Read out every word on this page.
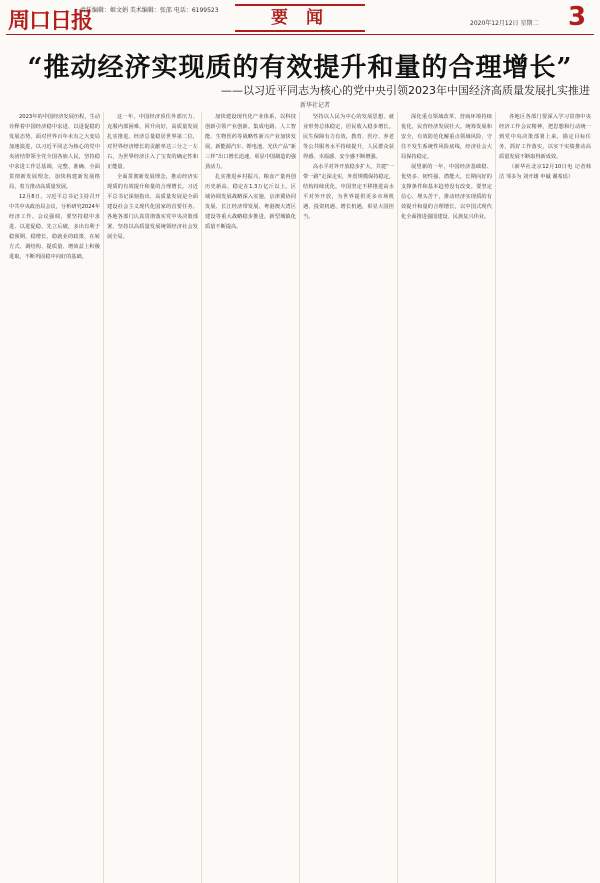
周口日报
责任编辑：姬文娟 美术编辑：张邵 电话：6199523	要 闻	2020年12月12日 星期二 3
“推动经济实现质的有效提升和量的合理增长”
——以习近平同志为核心的党中央引领2023年中国经济高质量发展扎实推进
新华社记者

2023年的中国经济发展历程，生动诠释着中国经济稳中求进、以进促稳的发展态势。面对世界百年未有之大变局加速演进，以习近平同志为核心的党中央团结带领全党全国各族人民，坚持稳中求进工作总基调，完整、准确、全面贯彻新发展理念，加快构建新发展格局，着力推动高质量发展。

12月8日，习近平总书记主持召开中共中央政治局会议，分析研究2024年经济工作。会议强调，要坚持稳中求进、以进促稳、先立后破，多出有利于稳预期、稳增长、稳就业的政策，在转方式、调结构、提质量、增效益上积极进取，不断巩固稳中向好的基础。

这一年，中国经济顶住外部压力、克服内部困难，回升向好，高质量发展扎实推进。经济总量稳居世界第二位，对世界经济增长的贡献率达三分之一左右，为世界经济注入了宝贵的确定性和正能量。

全面贯彻新发展理念，推动经济实现质的有效提升和量的合理增长。习近平总书记深刻指出，高质量发展是全面建设社会主义现代化国家的首要任务。各地各部门认真贯彻落实党中央决策部署，坚持以高质量发展统领经济社会发展全局。

加快建设现代化产业体系，以科技创新引领产业创新。集成电路、人工智能、生物医药等战略性新兴产业加快发展，新能源汽车、锂电池、光伏产品“新三样”出口增长迅速，彰显中国制造的强劲活力。

扎实推进乡村振兴，粮食产量再创历史新高，稳定在1.3万亿斤以上。区域协调发展战略深入实施，京津冀协同发展、长江经济带发展、粤港澳大湾区建设等重大战略稳步推进，新型城镇化质量不断提高。

坚持以人民为中心的发展思想，就业形势总体稳定，居民收入稳步增长。民生保障有力有效，教育、医疗、养老等公共服务水平持续提升，人民群众获得感、幸福感、安全感不断增强。

高水平对外开放稳步扩大，共建“一带一路”走深走实，外贸规模保持稳定，结构持续优化。中国坚定不移推进高水平对外开放，为世界提供更多市场机遇、投资机遇、增长机遇，彰显大国担当。

深化重点领域改革，营商环境持续优化，民营经济发展壮大。统筹发展和安全，有效防范化解重点领域风险，守住不发生系统性风险底线，经济社会大局保持稳定。

展望新的一年，中国经济基础稳、优势多、韧性强、潜能大，长期向好的支撑条件和基本趋势没有改变。要坚定信心、埋头苦干，推动经济实现质的有效提升和量的合理增长，以中国式现代化全面推进强国建设、民族复兴伟业。

各地区各部门要深入学习贯彻中央经济工作会议精神，把思想和行动统一到党中央决策部署上来，锚定目标任务，抓好工作落实，以实干实绩推动高质量发展不断取得新成效。

（新华社北京12月10日电 记者韩洁 邹多为 刘开雄 申铖 谢希瑶）
